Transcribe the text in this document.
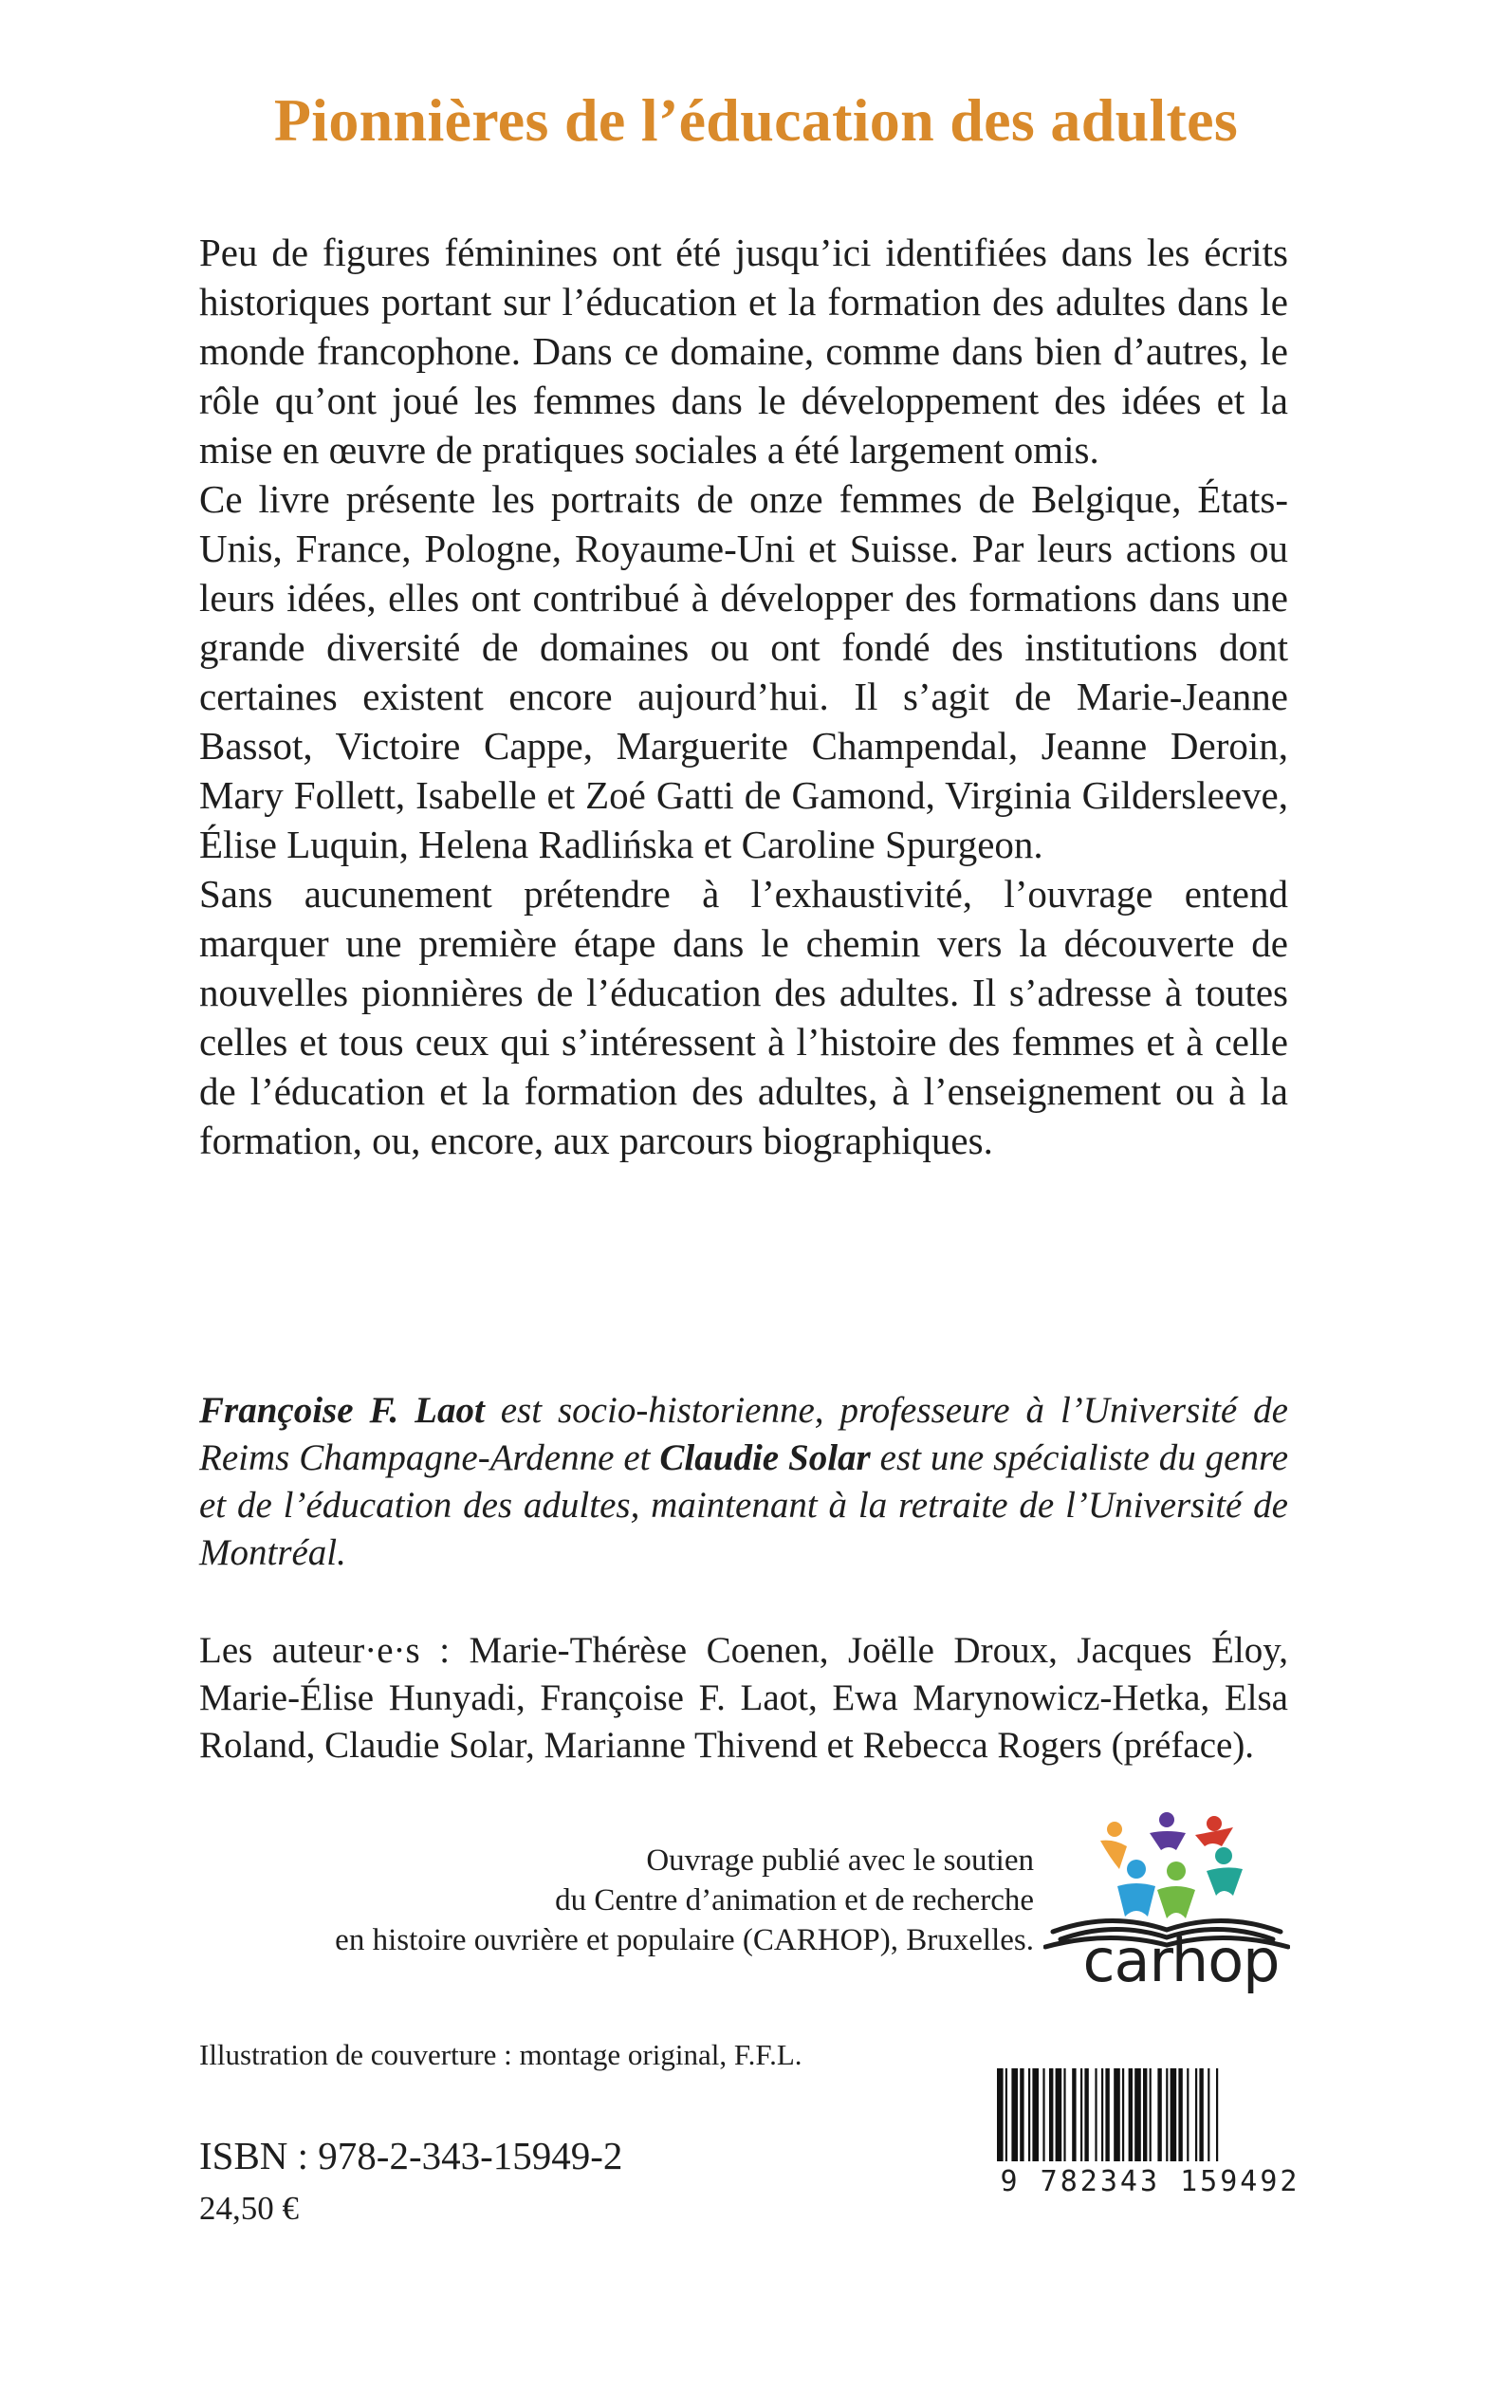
Pionnières de l’éducation des adultes

Peu de figures féminines ont été jusqu’ici identifiées dans les écrits historiques portant sur l’éducation et la formation des adultes dans le monde francophone. Dans ce domaine, comme dans bien d’autres, le rôle qu’ont joué les femmes dans le développement des idées et la mise en œuvre de pratiques sociales a été largement omis.

Ce livre présente les portraits de onze femmes de Belgique, États-Unis, France, Pologne, Royaume-Uni et Suisse. Par leurs actions ou leurs idées, elles ont contribué à développer des formations dans une grande diversité de domaines ou ont fondé des institutions dont certaines existent encore aujourd’hui. Il s’agit de Marie-Jeanne Bassot, Victoire Cappe, Marguerite Champendal, Jeanne Deroin, Mary Follett, Isabelle et Zoé Gatti de Gamond, Virginia Gildersleeve, Élise Luquin, Helena Radlińska et Caroline Spurgeon.

Sans aucunement prétendre à l’exhaustivité, l’ouvrage entend marquer une première étape dans le chemin vers la découverte de nouvelles pionnières de l’éducation des adultes. Il s’adresse à toutes celles et tous ceux qui s’intéressent à l’histoire des femmes et à celle de l’éducation et la formation des adultes, à l’enseignement ou à la formation, ou, encore, aux parcours biographiques.

Françoise F. Laot est socio-historienne, professeure à l’Université de Reims Champagne-Ardenne et Claudie Solar est une spécialiste du genre et de l’éducation des adultes, maintenant à la retraite de l’Université de Montréal.
Les auteur·e·s : Marie-Thérèse Coenen, Joëlle Droux, Jacques Éloy, Marie-Élise Hunyadi, Françoise F. Laot, Ewa Marynowicz-Hetka, Elsa Roland, Claudie Solar, Marianne Thivend et Rebecca Rogers (préface).
Ouvrage publié avec le soutien
du Centre d’animation et de recherche
en histoire ouvrière et populaire (CARHOP), Bruxelles. carhop
Illustration de couverture : montage original, F.F.L.
ISBN : 978-2-343-15949-2
24,50 €
9 782343 159492
